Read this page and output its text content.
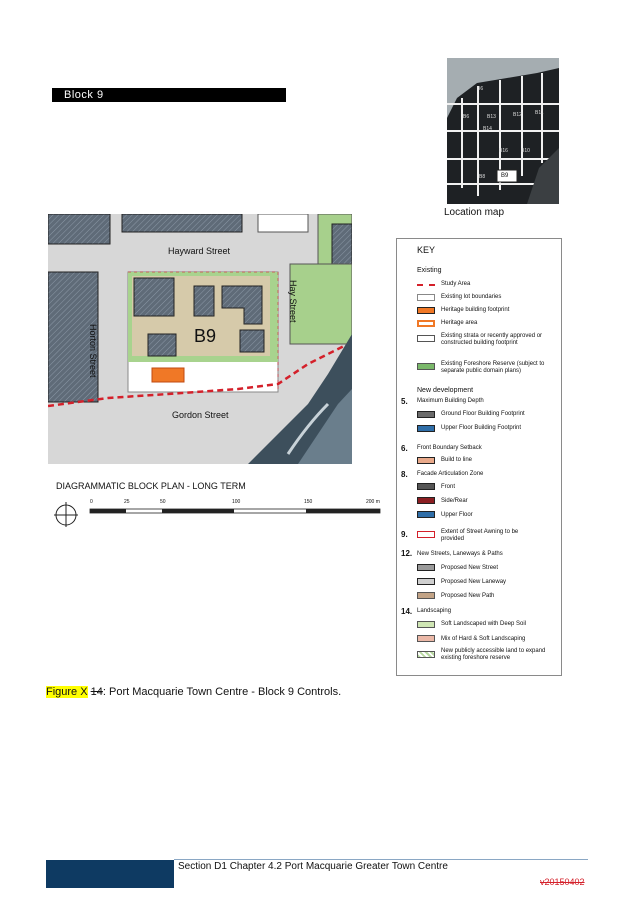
Block 9	B6
B6	B13	B12	B11
B14
B16	B10
B8	B9
Location map
Hayward Street
Horton Street
Hay Street
Gordon Street
B9
DIAGRAMMATIC BLOCK PLAN - LONG TERM
0	25	50	100	150	200 m
KEY
Existing
Study Area
Existing lot boundaries
Heritage building footprint
Heritage area
Existing strata or recently approved or constructed building footprint
Existing Foreshore Reserve (subject to separate public domain plans)
New development
5. Maximum Building Depth
Ground Floor Building Footprint
Upper Floor Building Footprint
6. Front Boundary Setback
Build to line
8. Facade Articulation Zone
Front
Side/Rear
Upper Floor
9.	Extent of Street Awning to be provided
12. New Streets, Laneways & Paths
Proposed New Street
Proposed New Laneway
Proposed New Path
14. Landscaping
Soft Landscaped with Deep Soil
Mix of Hard & Soft Landscaping
New publicly accessible land to expand existing foreshore reserve
Figure X 14: Port Macquarie Town Centre - Block 9 Controls.
Section D1 Chapter 4.2 Port Macquarie Greater Town Centre
v20150402
